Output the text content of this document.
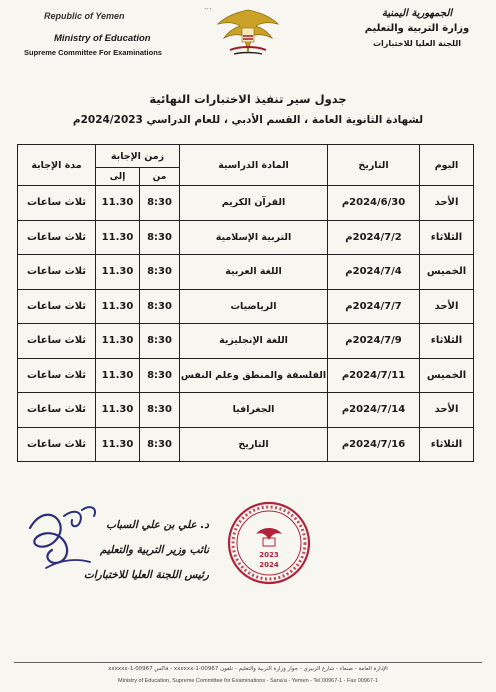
Republic of Yemen
Ministry of Education
Supreme Committee For Examinations
...
الجمهورية اليمنية
وزارة التربية والتعليم
اللجنة العليا للاختبارات
جدول سير تنفيذ الاختبارات النهائية
لشهادة الثانوية العامة ، القسم الأدبي ، للعام الدراسي 2024/2023م
اليوم	التاريخ	المادة الدراسية	زمن الإجابة		مدة الإجابة
			من	إلى	
الأحد	2024/6/30م	القرآن الكريم	8:30	11.30	ثلاث ساعات
الثلاثاء	2024/7/2م	التربية الإسلامية	8:30	11.30	ثلاث ساعات
الخميس	2024/7/4م	اللغة العربية	8:30	11.30	ثلاث ساعات
الأحد	2024/7/7م	الرياضيات	8:30	11.30	ثلاث ساعات
الثلاثاء	2024/7/9م	اللغة الإنجليزية	8:30	11.30	ثلاث ساعات
الخميس	2024/7/11م	الفلسفة والمنطق وعلم النفس	8:30	11.30	ثلاث ساعات
الأحد	2024/7/14م	الجغرافيا	8:30	11.30	ثلاث ساعات
الثلاثاء	2024/7/16م	التاريخ	8:30	11.30	ثلاث ساعات
د. علي بن علي السباب
نائب وزير التربية والتعليم
رئيس اللجنة العليا للاختبارات
2023
2024
الإدارة العامة - صنعاء - شارع الزبيري - جوار وزارة التربية والتعليم - تلفون 00967-1-xxxxxx - فاكس 00967-1-xxxxxx
Ministry of Education, Supreme Committee for Examinations - Sana'a - Yemen - Tel 00967-1 - Fax 00967-1
